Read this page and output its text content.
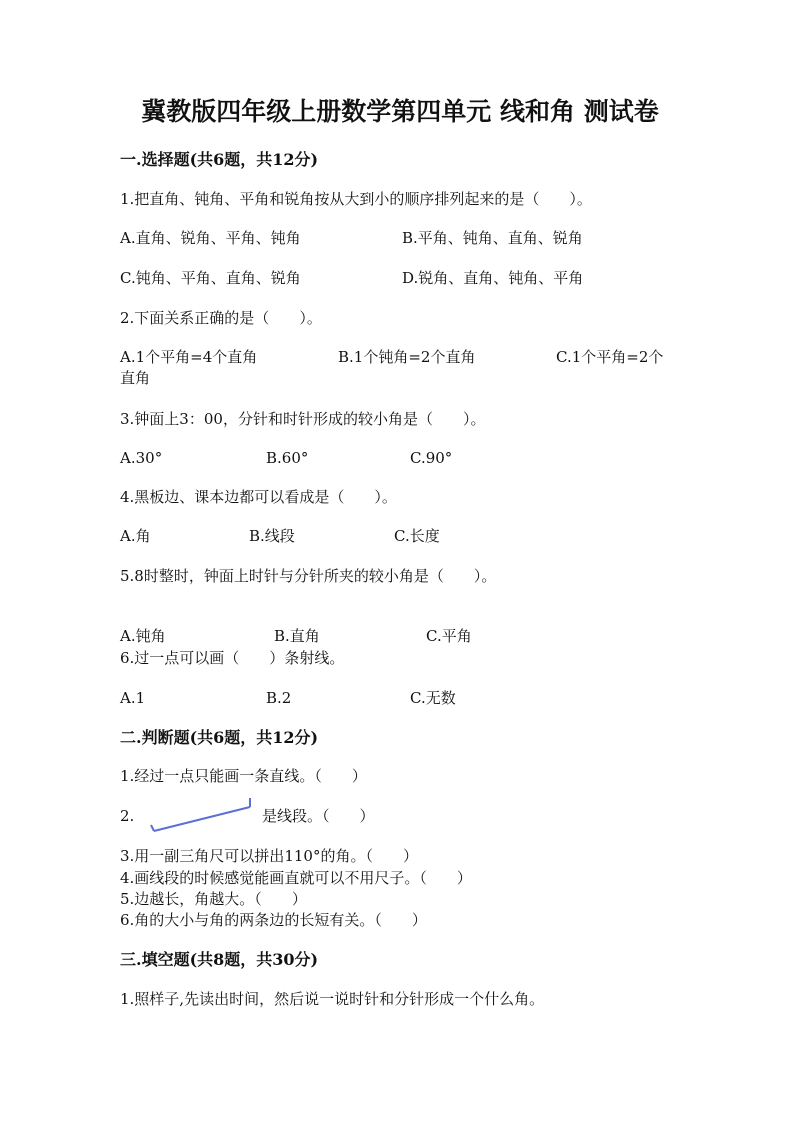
冀教版四年级上册数学第四单元 线和角 测试卷
一.选择题(共6题，共12分)
1.把直角、钝角、平角和锐角按从大到小的顺序排列起来的是（　　）。
A.直角、锐角、平角、钝角	B.平角、钝角、直角、锐角
C.钝角、平角、直角、锐角	D.锐角、直角、钝角、平角
2.下面关系正确的是（　　）。
A.1个平角=4个直角	B.1个钝角=2个直角	C.1个平角=2个
直角
3.钟面上3：00，分针和时针形成的较小角是（　　）。
A.30°	B.60°	C.90°
4.黑板边、课本边都可以看成是（　　）。
A.角	B.线段	C.长度
5.8时整时，钟面上时针与分针所夹的较小角是（　　）。
A.钝角	B.直角	C.平角
6.过一点可以画（　　）条射线。
A.1	B.2	C.无数
二.判断题(共6题，共12分)
1.经过一点只能画一条直线。（　　）
2.	是线段。（　　）
3.用一副三角尺可以拼出110°的角。（　　）
4.画线段的时候感觉能画直就可以不用尺子。（　　）
5.边越长，角越大。（　　）
6.角的大小与角的两条边的长短有关。（　　）
三.填空题(共8题，共30分)
1.照样子,先读出时间，然后说一说时针和分针形成一个什么角。
